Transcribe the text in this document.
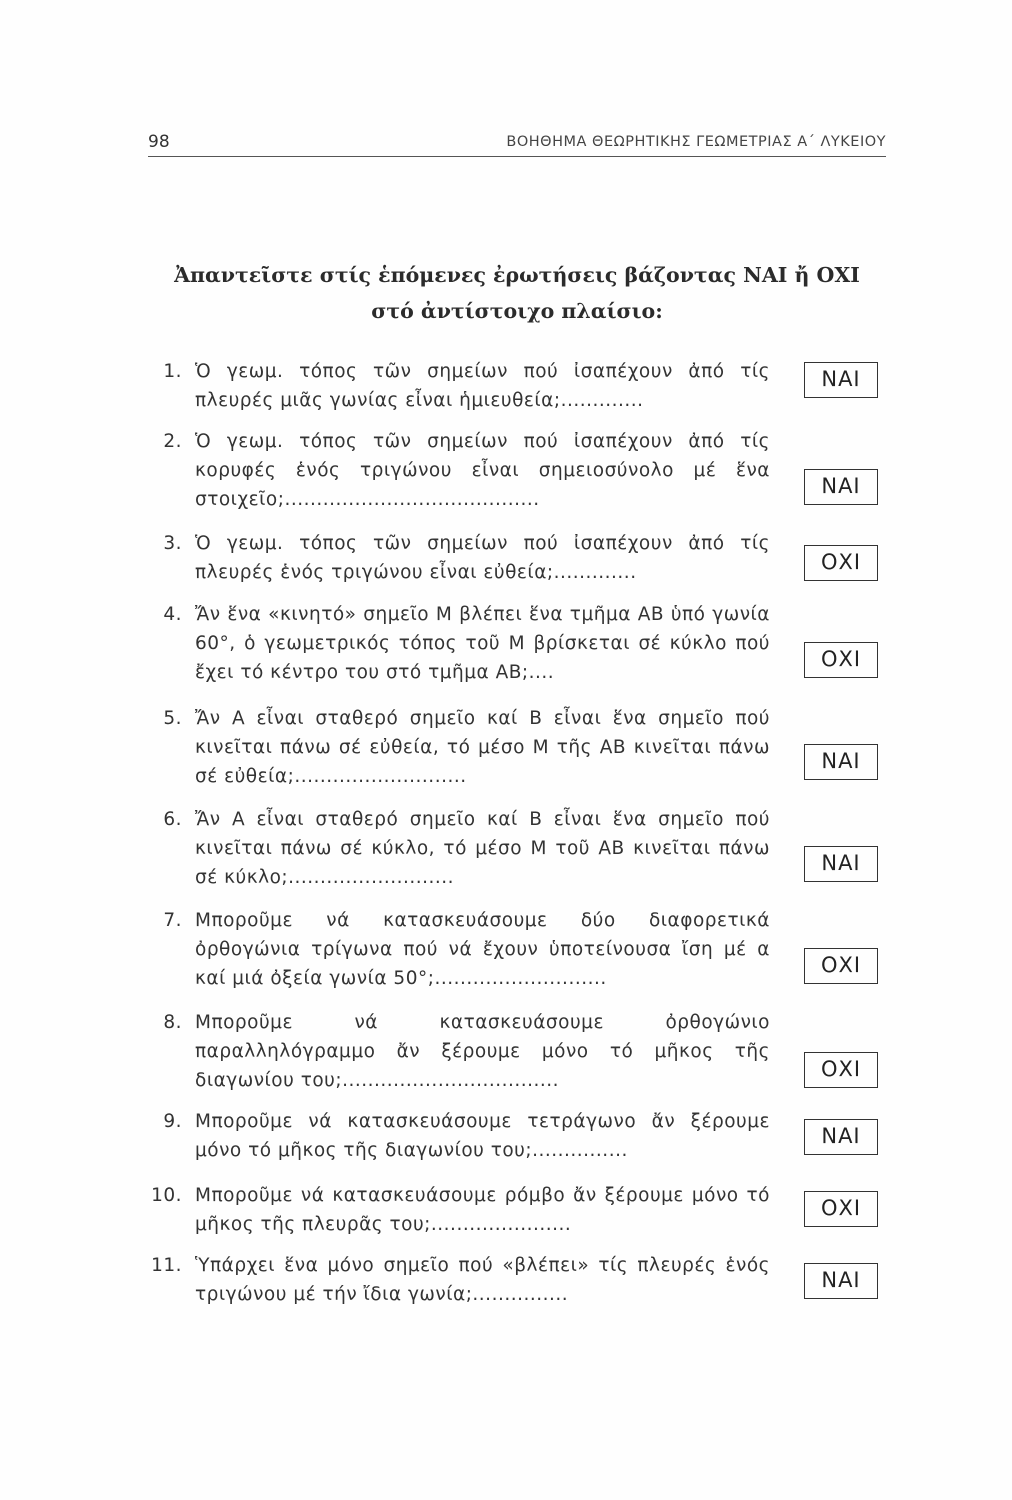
98	ΒΟΗΘΗΜΑ ΘΕΩΡΗΤΙΚΗΣ ΓΕΩΜΕΤΡΙΑΣ Α΄ ΛΥΚΕΙΟΥ
Ἀπαντεῖστε στίς ἑπόμενες ἐρωτήσεις βάζοντας ΝΑΙ ἤ ΟΧΙ
στό ἀντίστοιχο πλαίσιο:
1. Ὁ γεωμ. τόπος τῶν σημείων πού ἰσαπέχουν ἀπό τίς πλευρές μιᾶς γωνίας εἶναι ἡμιευθεία;.............
ΝΑΙ
2. Ὁ γεωμ. τόπος τῶν σημείων πού ἰσαπέχουν ἀπό τίς κορυφές ἑνός τριγώνου εἶναι σημειοσύνολο μέ ἕνα στοιχεῖο;........................................
ΝΑΙ
3. Ὁ γεωμ. τόπος τῶν σημείων πού ἰσαπέχουν ἀπό τίς πλευρές ἑνός τριγώνου εἶναι εὐθεία;.............	ΟΧΙ
4. Ἄν ἕνα «κινητό» σημεῖο Μ βλέπει ἕνα τμῆμα ΑΒ ὑπό γωνία 60°, ὁ γεωμετρικός τόπος τοῦ Μ βρίσκεται σέ κύκλο πού ἔχει τό κέντρο του στό τμῆμα ΑΒ;....
ΟΧΙ
5. Ἄν Α εἶναι σταθερό σημεῖο καί Β εἶναι ἕνα σημεῖο πού κινεῖται πάνω σέ εὐθεία, τό μέσο Μ τῆς ΑΒ κινεῖται πάνω σέ εὐθεία;...........................
ΝΑΙ
6. Ἄν Α εἶναι σταθερό σημεῖο καί Β εἶναι ἕνα σημεῖο πού κινεῖται πάνω σέ κύκλο, τό μέσο Μ τοῦ ΑΒ κινεῖται πάνω σέ κύκλο;..........................
ΝΑΙ
7. Μποροῦμε νά κατασκευάσουμε δύο διαφορετικά ὀρθογώνια τρίγωνα πού νά ἔχουν ὑποτείνουσα ἴση μέ α καί μιά ὀξεία γωνία 50°;...........................
ΟΧΙ
8. Μποροῦμε νά κατασκευάσουμε ὀρθογώνιο παραλληλόγραμμο ἄν ξέρουμε μόνο τό μῆκος τῆς διαγωνίου του;..................................	ΟΧΙ
9. Μποροῦμε νά κατασκευάσουμε τετράγωνο ἄν ξέρουμε μόνο τό μῆκος τῆς διαγωνίου του;...............
ΝΑΙ
10. Μποροῦμε νά κατασκευάσουμε ρόμβο ἄν ξέρουμε μόνο τό μῆκος τῆς πλευρᾶς του;......................
ΟΧΙ
11. Ὑπάρχει ἕνα μόνο σημεῖο πού «βλέπει» τίς πλευρές ἑνός τριγώνου μέ τήν ἴδια γωνία;...............
ΝΑΙ
